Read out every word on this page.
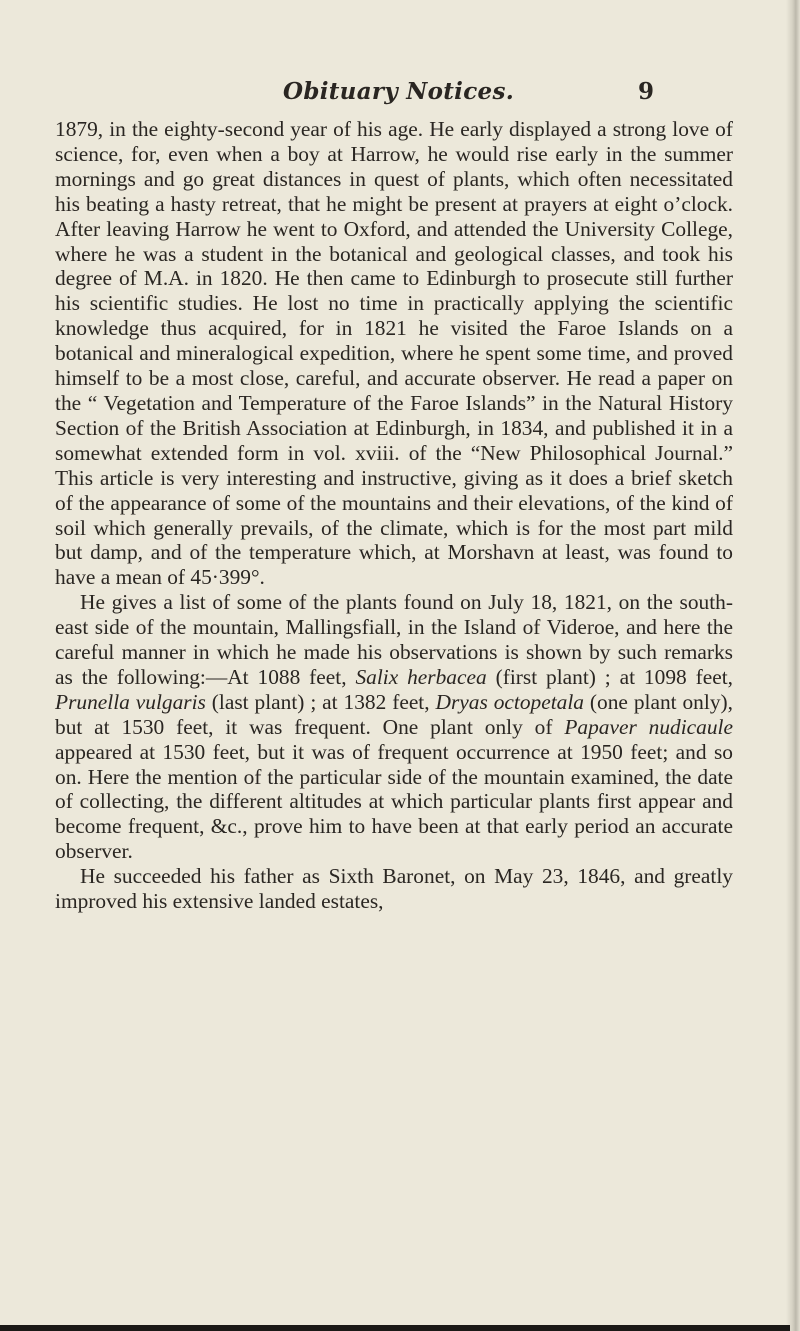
Obituary Notices.	9

1879, in the eighty-second year of his age. He early displayed a strong love of science, for, even when a boy at Harrow, he would rise early in the summer mornings and go great distances in quest of plants, which often necessitated his beating a hasty retreat, that he might be present at prayers at eight o’clock. After leaving Harrow he went to Oxford, and attended the University College, where he was a student in the botanical and geological classes, and took his degree of M.A. in 1820. He then came to Edinburgh to prosecute still further his scientific studies. He lost no time in practically applying the scientific knowledge thus acquired, for in 1821 he visited the Faroe Islands on a botanical and mineralogical expedition, where he spent some time, and proved himself to be a most close, careful, and accurate observer. He read a paper on the “ Vegetation and Temperature of the Faroe Islands” in the Natural History Section of the British Association at Edinburgh, in 1834, and published it in a somewhat extended form in vol. xviii. of the “New Philosophical Journal.” This article is very interesting and instructive, giving as it does a brief sketch of the appearance of some of the mountains and their elevations, of the kind of soil which generally prevails, of the climate, which is for the most part mild but damp, and of the temperature which, at Morshavn at least, was found to have a mean of 45·399°.

He gives a list of some of the plants found on July 18, 1821, on the south-east side of the mountain, Mallingsfiall, in the Island of Videroe, and here the careful manner in which he made his observations is shown by such remarks as the following:—At 1088 feet, Salix herbacea (first plant) ; at 1098 feet, Prunella vulgaris (last plant) ; at 1382 feet, Dryas octopetala (one plant only), but at 1530 feet, it was frequent. One plant only of Papaver nudicaule appeared at 1530 feet, but it was of frequent occurrence at 1950 feet; and so on. Here the mention of the particular side of the mountain examined, the date of collecting, the different altitudes at which particular plants first appear and become frequent, &c., prove him to have been at that early period an accurate observer.

He succeeded his father as Sixth Baronet, on May 23, 1846, and greatly improved his extensive landed estates,
